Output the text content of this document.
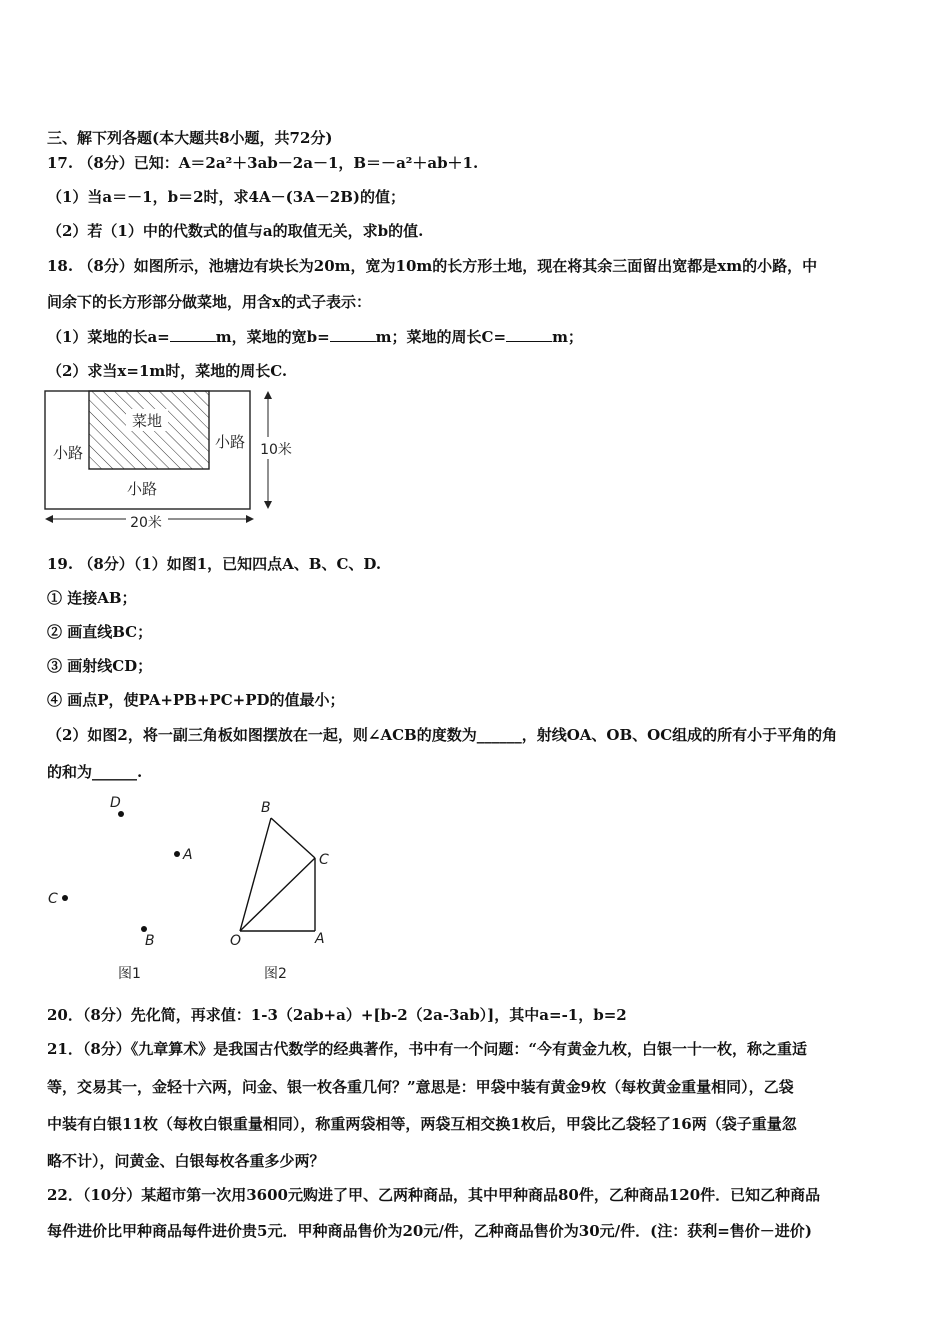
三、解下列各题(本大题共8小题，共72分)
17. （8分）已知：A＝2a²＋3ab－2a－1，B＝－a²＋ab＋1.
（1）当a＝－1，b＝2时，求4A－(3A－2B)的值；
（2）若（1）中的代数式的值与a的取值无关，求b的值.
18. （8分）如图所示，池塘边有块长为20m，宽为10m的长方形土地，现在将其余三面留出宽都是xm的小路，中
间余下的长方形部分做菜地，用含x的式子表示：
（1）菜地的长a=	m，菜地的宽b=	m；菜地的周长C=	m；
（2）求当x=1m时，菜地的周长C.
菜地
小路
小路
小路
10米
20米
19. （8分）（1）如图1，已知四点A、B、C、D.
① 连接AB；
② 画直线BC；
③ 画射线CD；
④ 画点P，使PA+PB+PC+PD的值最小；
（2）如图2，将一副三角板如图摆放在一起，则∠ACB的度数为______，射线OA、OB、OC组成的所有小于平角的角
的和为______.
D
A
C
B
图1
B
C
O	A
图2
20．（8分）先化简，再求值：1-3（2ab+a）+[b-2（2a-3ab）]，其中a=-1，b=2
21．（8分）《九章算术》是我国古代数学的经典著作，书中有一个问题：“今有黄金九枚，白银一十一枚，称之重适
等，交易其一，金轻十六两，问金、银一枚各重几何？”意思是：甲袋中装有黄金9枚（每枚黄金重量相同），乙袋
中装有白银11枚（每枚白银重量相同），称重两袋相等，两袋互相交换1枚后，甲袋比乙袋轻了16两（袋子重量忽
略不计），问黄金、白银每枚各重多少两？
22．（10分）某超市第一次用3600元购进了甲、乙两种商品，其中甲种商品80件，乙种商品120件．已知乙种商品
每件进价比甲种商品每件进价贵5元．甲种商品售价为20元/件，乙种商品售价为30元/件．(注：获利=售价－进价)
